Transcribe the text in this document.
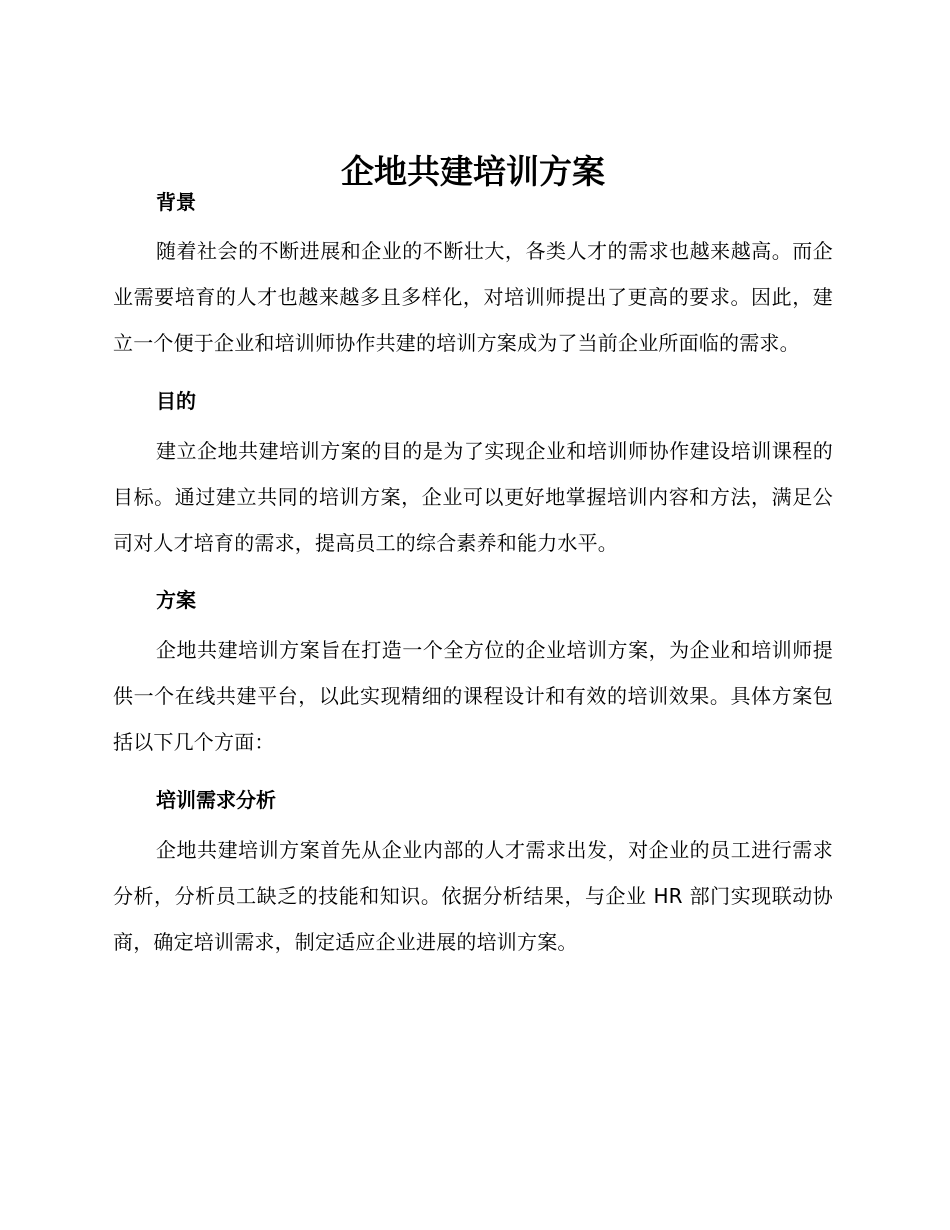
企地共建培训方案
背景

随着社会的不断进展和企业的不断壮大，各类人才的需求也越来越高。而企业需要培育的人才也越来越多且多样化，对培训师提出了更高的要求。因此，建立一个便于企业和培训师协作共建的培训方案成为了当前企业所面临的需求。

目的

建立企地共建培训方案的目的是为了实现企业和培训师协作建设培训课程的目标。通过建立共同的培训方案，企业可以更好地掌握培训内容和方法，满足公司对人才培育的需求，提高员工的综合素养和能力水平。

方案

企地共建培训方案旨在打造一个全方位的企业培训方案，为企业和培训师提供一个在线共建平台，以此实现精细的课程设计和有效的培训效果。具体方案包括以下几个方面：

培训需求分析

企地共建培训方案首先从企业内部的人才需求出发，对企业的员工进行需求分析，分析员工缺乏的技能和知识。依据分析结果，与企业 HR 部门实现联动协商，确定培训需求，制定适应企业进展的培训方案。
